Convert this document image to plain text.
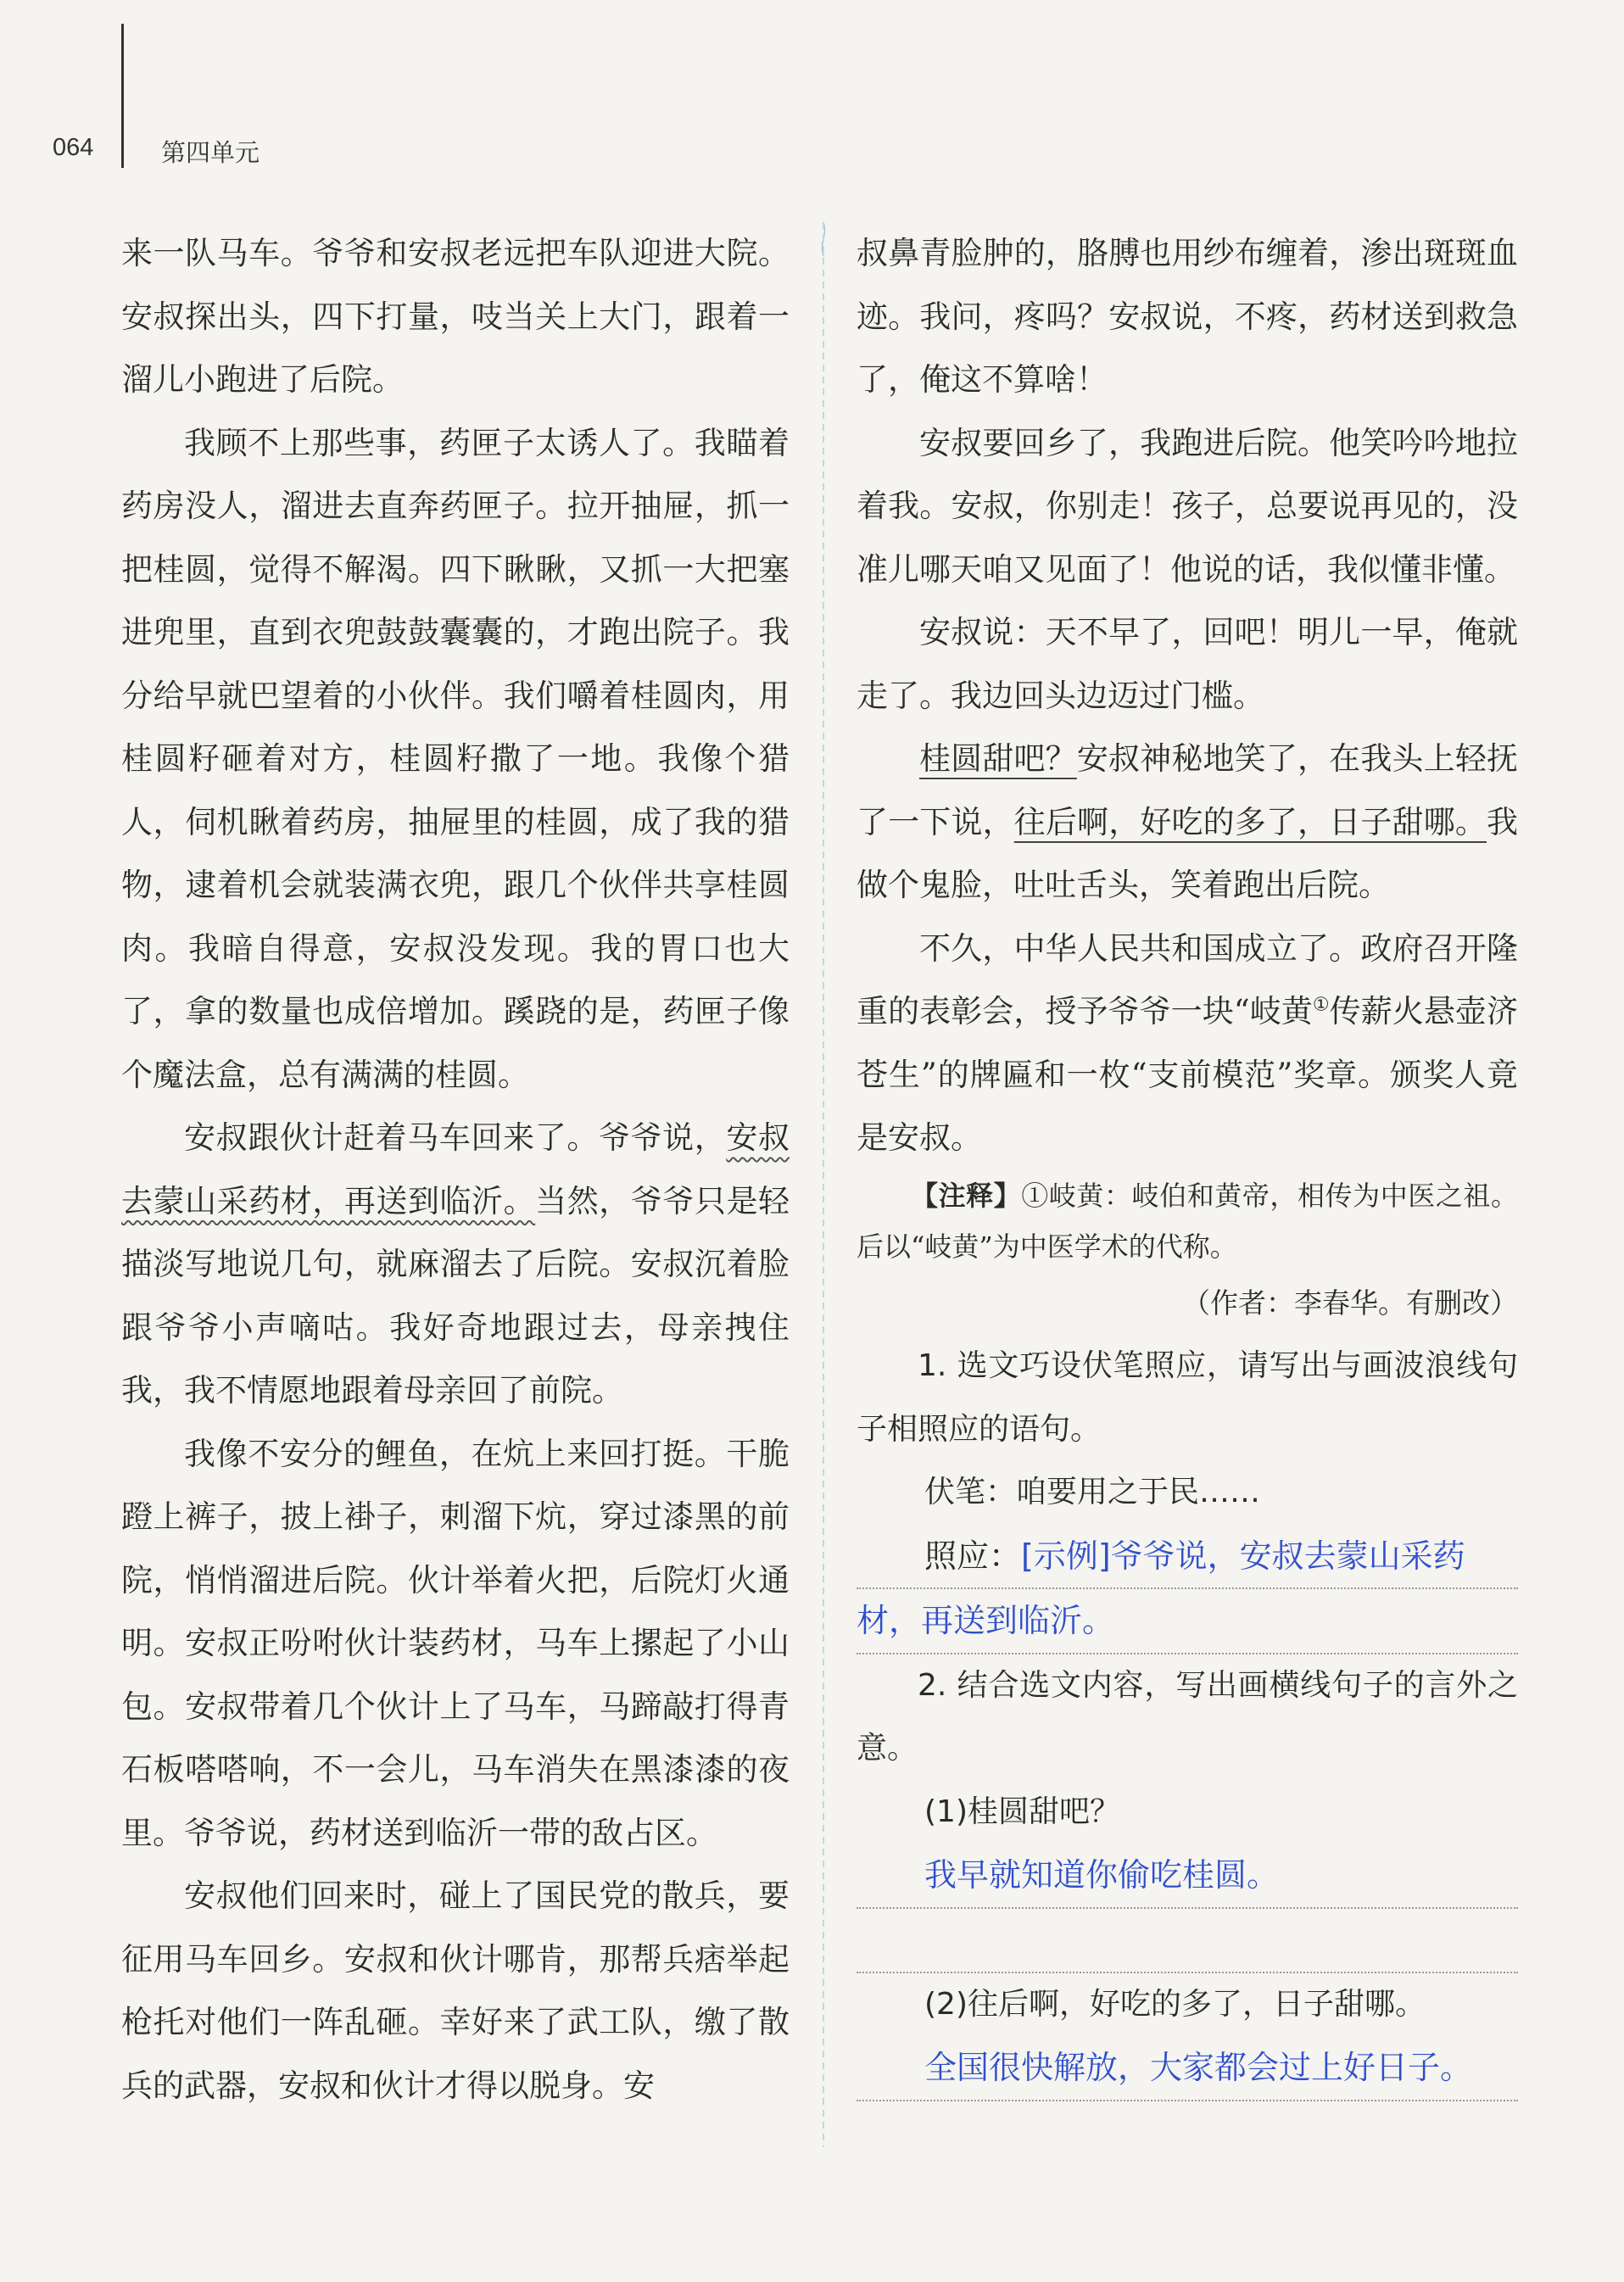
064	第四单元

来一队马车。爷爷和安叔老远把车队迎进大院。安叔探出头，四下打量，吱当关上大门，跟着一溜儿小跑进了后院。

我顾不上那些事，药匣子太诱人了。我瞄着药房没人，溜进去直奔药匣子。拉开抽屉，抓一把桂圆，觉得不解渴。四下瞅瞅，又抓一大把塞进兜里，直到衣兜鼓鼓囊囊的，才跑出院子。我分给早就巴望着的小伙伴。我们嚼着桂圆肉，用桂圆籽砸着对方，桂圆籽撒了一地。我像个猎人，伺机瞅着药房，抽屉里的桂圆，成了我的猎物，逮着机会就装满衣兜，跟几个伙伴共享桂圆肉。我暗自得意，安叔没发现。我的胃口也大了，拿的数量也成倍增加。蹊跷的是，药匣子像个魔法盒，总有满满的桂圆。

安叔跟伙计赶着马车回来了。爷爷说，安叔去蒙山采药材，再送到临沂。当然，爷爷只是轻描淡写地说几句，就麻溜去了后院。安叔沉着脸跟爷爷小声嘀咕。我好奇地跟过去，母亲拽住我，我不情愿地跟着母亲回了前院。

我像不安分的鲤鱼，在炕上来回打挺。干脆蹬上裤子，披上褂子，刺溜下炕，穿过漆黑的前院，悄悄溜进后院。伙计举着火把，后院灯火通明。安叔正吩咐伙计装药材，马车上摞起了小山包。安叔带着几个伙计上了马车，马蹄敲打得青石板嗒嗒响，不一会儿，马车消失在黑漆漆的夜里。爷爷说，药材送到临沂一带的敌占区。

安叔他们回来时，碰上了国民党的散兵，要征用马车回乡。安叔和伙计哪肯，那帮兵痞举起枪托对他们一阵乱砸。幸好来了武工队，缴了散兵的武器，安叔和伙计才得以脱身。安

叔鼻青脸肿的，胳膊也用纱布缠着，渗出斑斑血迹。我问，疼吗？安叔说，不疼，药材送到救急了，俺这不算啥！

安叔要回乡了，我跑进后院。他笑吟吟地拉着我。安叔，你别走！孩子，总要说再见的，没准儿哪天咱又见面了！他说的话，我似懂非懂。

安叔说：天不早了，回吧！明儿一早，俺就走了。我边回头边迈过门槛。

桂圆甜吧？安叔神秘地笑了，在我头上轻抚了一下说，往后啊，好吃的多了，日子甜哪。我做个鬼脸，吐吐舌头，笑着跑出后院。

不久，中华人民共和国成立了。政府召开隆重的表彰会，授予爷爷一块“岐黄①传薪火悬壶济苍生”的牌匾和一枚“支前模范”奖章。颁奖人竟是安叔。

【注释】①岐黄：岐伯和黄帝，相传为中医之祖。后以“岐黄”为中医学术的代称。

（作者：李春华。有删改）

1. 选文巧设伏笔照应，请写出与画波浪线句子相照应的语句。

伏笔：咱要用之于民……

照应：[示例]爷爷说，安叔去蒙山采药

材，再送到临沂。

2. 结合选文内容，写出画横线句子的言外之意。

(1)桂圆甜吧？

我早就知道你偷吃桂圆。

(2)往后啊，好吃的多了，日子甜哪。

全国很快解放，大家都会过上好日子。
